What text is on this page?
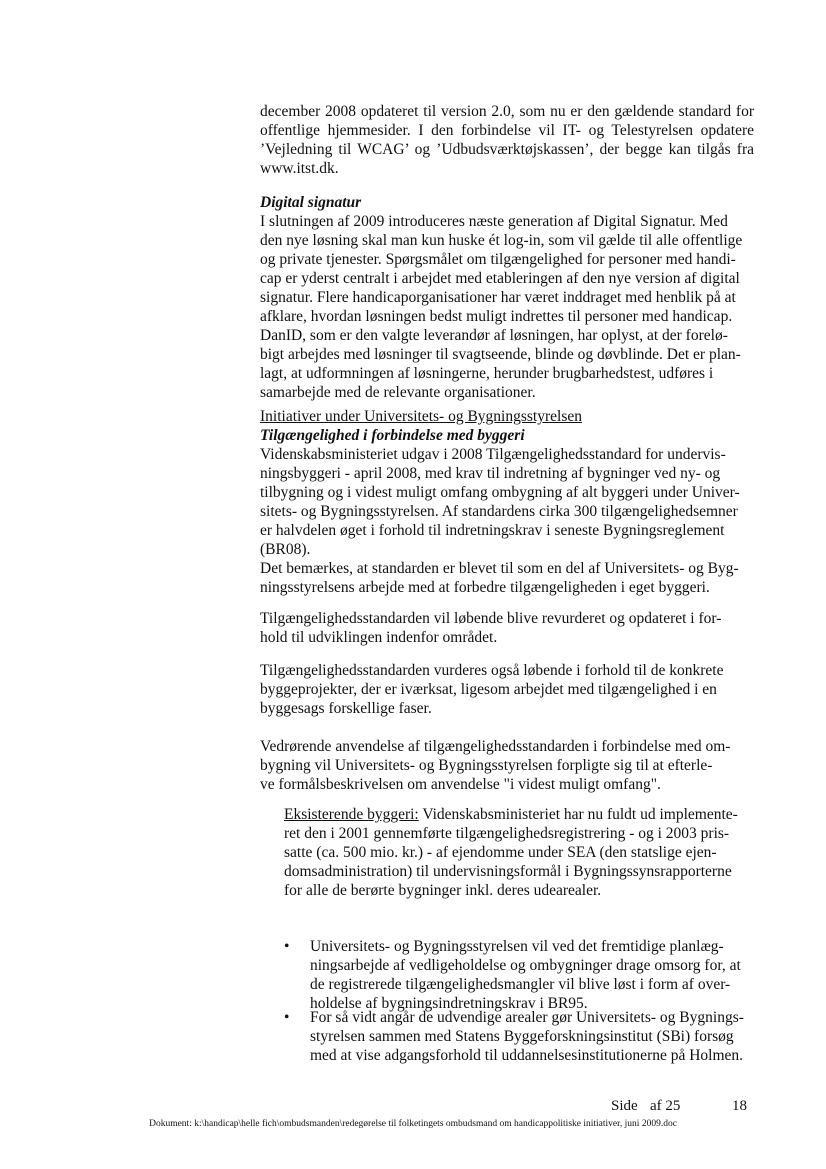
december 2008 opdateret til version 2.0, som nu er den gældende standard for
offentlige hjemmesider. I den forbindelse vil IT- og Telestyrelsen opdatere
’Vejledning til WCAG’ og ’Udbudsværktøjskassen’, der begge kan tilgås fra
www.itst.dk.
Digital signatur
I slutningen af 2009 introduceres næste generation af Digital Signatur. Med
den nye løsning skal man kun huske ét log-in, som vil gælde til alle offentlige
og private tjenester. Spørgsmålet om tilgængelighed for personer med handi-
cap er yderst centralt i arbejdet med etableringen af den nye version af digital
signatur. Flere handicaporganisationer har været inddraget med henblik på at
afklare, hvordan løsningen bedst muligt indrettes til personer med handicap.
DanID, som er den valgte leverandør af løsningen, har oplyst, at der forelø-
bigt arbejdes med løsninger til svagtseende, blinde og døvblinde. Det er plan-
lagt, at udformningen af løsningerne, herunder brugbarhedstest, udføres i
samarbejde med de relevante organisationer.
Initiativer under Universitets- og Bygningsstyrelsen
Tilgængelighed i forbindelse med byggeri
Videnskabsministeriet udgav i 2008 Tilgængelighedsstandard for undervis-
ningsbyggeri - april 2008, med krav til indretning af bygninger ved ny- og
tilbygning og i videst muligt omfang ombygning af alt byggeri under Univer-
sitets- og Bygningsstyrelsen. Af standardens cirka 300 tilgængelighedsemner
er halvdelen øget i forhold til indretningskrav i seneste Bygningsreglement
(BR08).
Det bemærkes, at standarden er blevet til som en del af Universitets- og Byg-
ningsstyrelsens arbejde med at forbedre tilgængeligheden i eget byggeri.
Tilgængelighedsstandarden vil løbende blive revurderet og opdateret i for-
hold til udviklingen indenfor området.
Tilgængelighedsstandarden vurderes også løbende i forhold til de konkrete
byggeprojekter, der er iværksat, ligesom arbejdet med tilgængelighed i en
byggesags forskellige faser.
Vedrørende anvendelse af tilgængelighedsstandarden i forbindelse med om-
bygning vil Universitets- og Bygningsstyrelsen forpligte sig til at efterle-
ve formålsbeskrivelsen om anvendelse "i videst muligt omfang".
Eksisterende byggeri: Videnskabsministeriet har nu fuldt ud implemente-
ret den i 2001 gennemførte tilgængelighedsregistrering - og i 2003 pris-
satte (ca. 500 mio. kr.) - af ejendomme under SEA (den statslige ejen-
domsadministration) til undervisningsformål i Bygningssynsrapporterne
for alle de berørte bygninger inkl. deres udearealer.
• Universitets- og Bygningsstyrelsen vil ved det fremtidige planlæg-
ningsarbejde af vedligeholdelse og ombygninger drage omsorg for, at
de registrerede tilgængelighedsmangler vil blive løst i form af over-
holdelse af bygningsindretningskrav i BR95.
• For så vidt angår de udvendige arealer gør Universitets- og Bygnings-
styrelsen sammen med Statens Byggeforskningsinstitut (SBi) forsøg
med at vise adgangsforhold til uddannelsesinstitutionerne på Holmen.
Side af 25	18
Dokument: k:\handicap\helle fich\ombudsmanden\redegørelse til folketingets ombudsmand om handicappolitiske initiativer, juni 2009.doc
